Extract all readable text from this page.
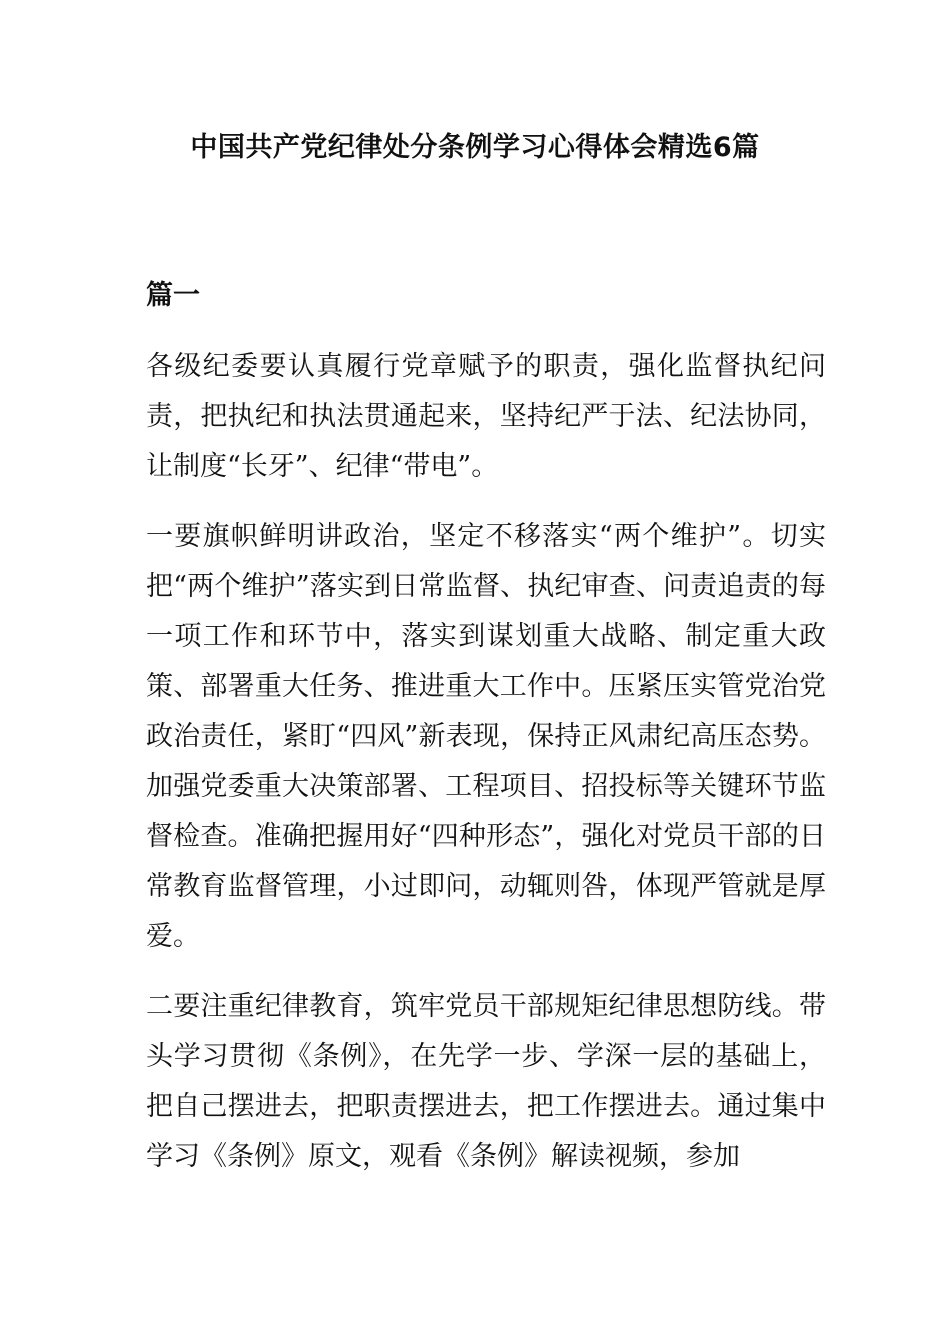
中国共产党纪律处分条例学习心得体会精选6篇
篇一

各级纪委要认真履行党章赋予的职责，强化监督执纪问责，把执纪和执法贯通起来，坚持纪严于法、纪法协同，让制度“长牙”、纪律“带电”。

一要旗帜鲜明讲政治，坚定不移落实“两个维护”。切实把“两个维护”落实到日常监督、执纪审查、问责追责的每一项工作和环节中，落实到谋划重大战略、制定重大政策、部署重大任务、推进重大工作中。压紧压实管党治党政治责任，紧盯“四风”新表现，保持正风肃纪高压态势。加强党委重大决策部署、工程项目、招投标等关键环节监督检查。准确把握用好“四种形态”，强化对党员干部的日常教育监督管理，小过即问，动辄则咎，体现严管就是厚爱。

二要注重纪律教育，筑牢党员干部规矩纪律思想防线。带头学习贯彻《条例》，在先学一步、学深一层的基础上，把自己摆进去，把职责摆进去，把工作摆进去。通过集中学习《条例》原文，观看《条例》解读视频，参加
